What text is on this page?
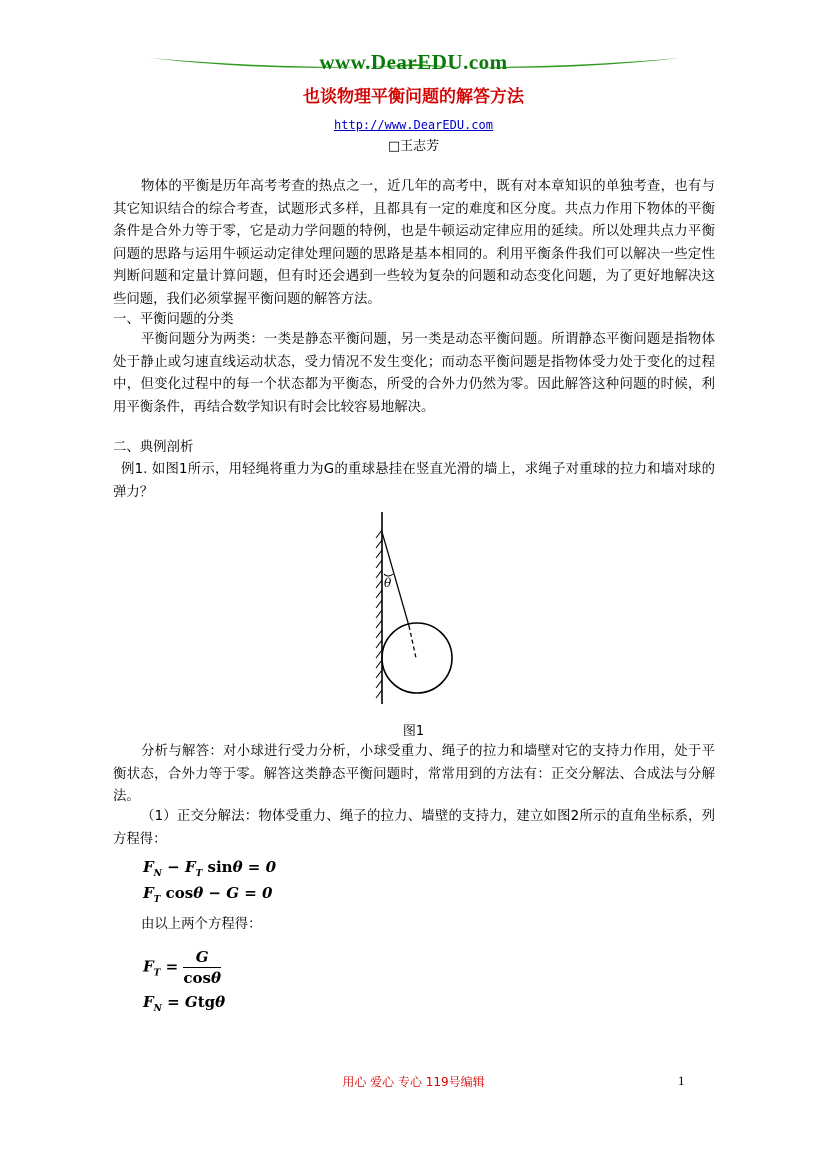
www.DearEDU.com
也谈物理平衡问题的解答方法
http://www.DearEDU.com
□王志芳
物体的平衡是历年高考考查的热点之一，近几年的高考中，既有对本章知识的单独考查，也有与其它知识结合的综合考查，试题形式多样，且都具有一定的难度和区分度。共点力作用下物体的平衡条件是合外力等于零，它是动力学问题的特例，也是牛顿运动定律应用的延续。所以处理共点力平衡问题的思路与运用牛顿运动定律处理问题的思路是基本相同的。利用平衡条件我们可以解决一些定性判断问题和定量计算问题，但有时还会遇到一些较为复杂的问题和动态变化问题，为了更好地解决这些问题，我们必须掌握平衡问题的解答方法。
一、平衡问题的分类
平衡问题分为两类：一类是静态平衡问题，另一类是动态平衡问题。所谓静态平衡问题是指物体处于静止或匀速直线运动状态，受力情况不发生变化；而动态平衡问题是指物体受力处于变化的过程中，但变化过程中的每一个状态都为平衡态，所受的合外力仍然为零。因此解答这种问题的时候，利用平衡条件，再结合数学知识有时会比较容易地解决。
二、典例剖析
例1. 如图1所示，用轻绳将重力为G的重球悬挂在竖直光滑的墙上，求绳子对重球的拉力和墙对球的弹力？
θ
图1
分析与解答：对小球进行受力分析，小球受重力、绳子的拉力和墙壁对它的支持力作用，处于平衡状态，合外力等于零。解答这类静态平衡问题时，常常用到的方法有：正交分解法、合成法与分解法。
（1）正交分解法：物体受重力、绳子的拉力、墙壁的支持力，建立如图2所示的直角坐标系，列方程得：
$F_N - F_T$ sinθ = 0
$F_T$ cosθ − G = 0
由以上两个方程得：
$F_T = \frac{G}{\cos\theta}$
$F_N = Gtg\theta$
用心 爱心 专心 119号编辑	1
